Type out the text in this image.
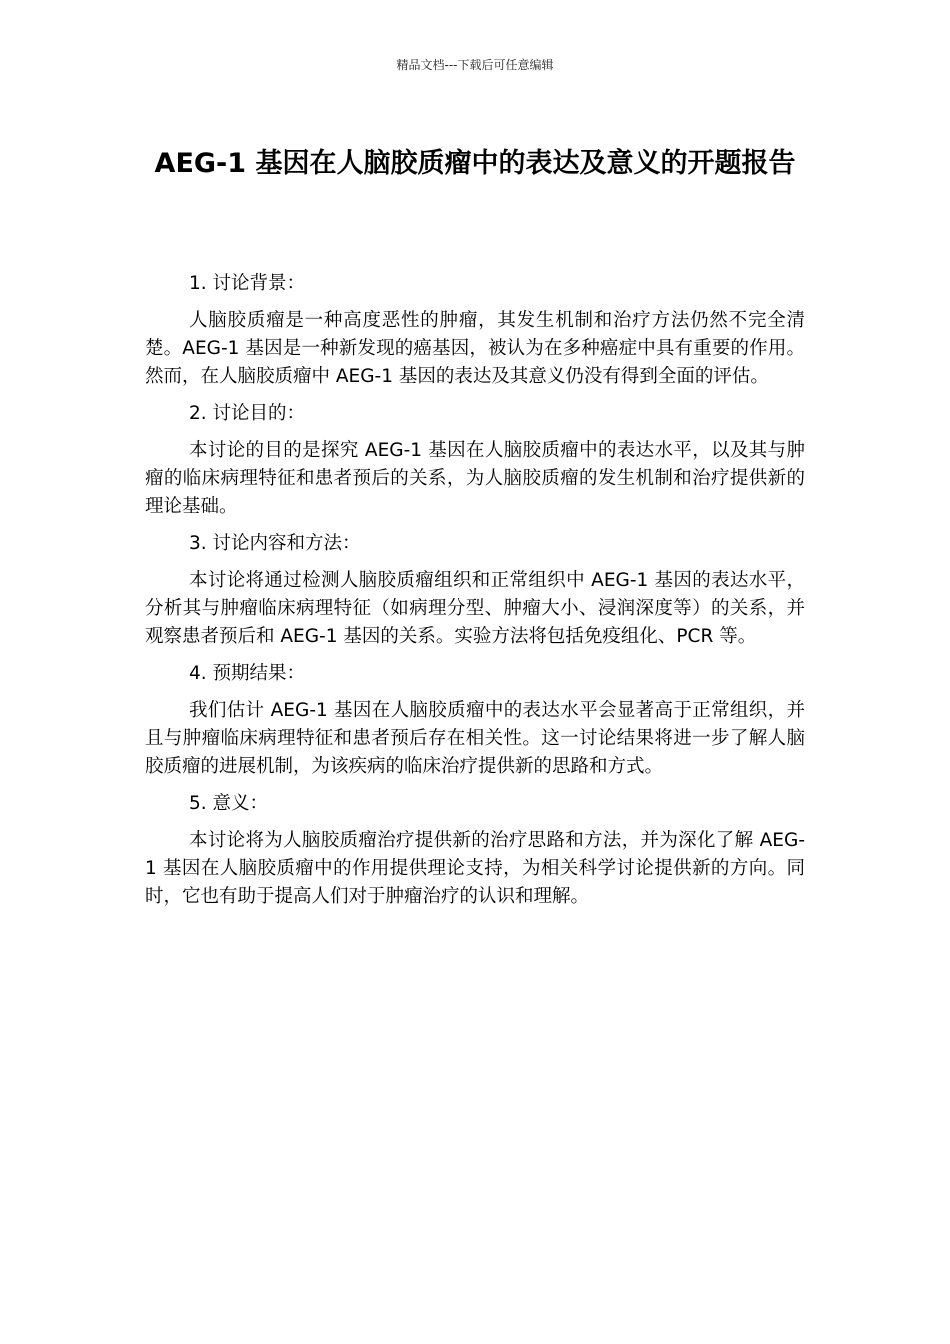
精品文档---下载后可任意编辑
AEG-1 基因在人脑胶质瘤中的表达及意义的开题报告

1. 讨论背景：

人脑胶质瘤是一种高度恶性的肿瘤，其发生机制和治疗方法仍然不完全清楚。AEG-1 基因是一种新发现的癌基因，被认为在多种癌症中具有重要的作用。然而，在人脑胶质瘤中 AEG-1 基因的表达及其意义仍没有得到全面的评估。

2. 讨论目的：

本讨论的目的是探究 AEG-1 基因在人脑胶质瘤中的表达水平，以及其与肿瘤的临床病理特征和患者预后的关系，为人脑胶质瘤的发生机制和治疗提供新的理论基础。

3. 讨论内容和方法：

本讨论将通过检测人脑胶质瘤组织和正常组织中 AEG-1 基因的表达水平，分析其与肿瘤临床病理特征（如病理分型、肿瘤大小、浸润深度等）的关系，并观察患者预后和 AEG-1 基因的关系。实验方法将包括免疫组化、PCR 等。

4. 预期结果：

我们估计 AEG-1 基因在人脑胶质瘤中的表达水平会显著高于正常组织，并且与肿瘤临床病理特征和患者预后存在相关性。这一讨论结果将进一步了解人脑胶质瘤的进展机制，为该疾病的临床治疗提供新的思路和方式。

5. 意义：

本讨论将为人脑胶质瘤治疗提供新的治疗思路和方法，并为深化了解 AEG-1 基因在人脑胶质瘤中的作用提供理论支持，为相关科学讨论提供新的方向。同时，它也有助于提高人们对于肿瘤治疗的认识和理解。
